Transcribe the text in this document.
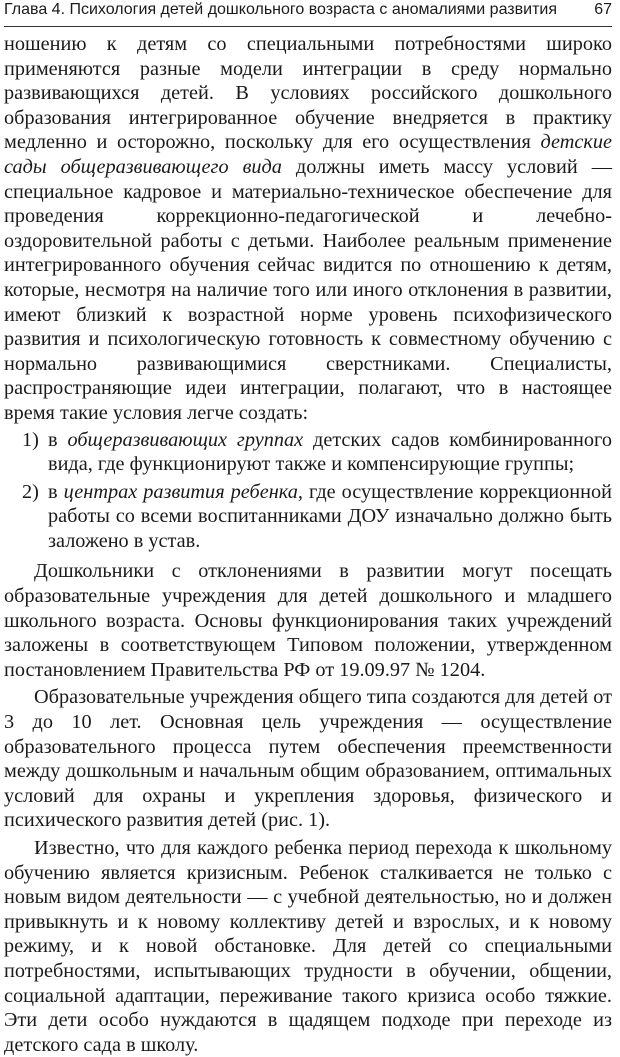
Глава 4. Психология детей дошкольного возраста с аномалиями развития 67

ношению к детям со специальными потребностями широко применяются разные модели интеграции в среду нормально развивающихся детей. В условиях российского дошкольного образования интегрированное обучение внедряется в практику медленно и осторожно, поскольку для его осуществления детские сады общеразвивающего вида должны иметь массу условий — специальное кадровое и материально-техническое обеспечение для проведения коррекционно-педагогической и лечебно-оздоровительной работы с детьми. Наиболее реальным применение интегрированного обучения сейчас видится по отношению к детям, которые, несмотря на наличие того или иного отклонения в развитии, имеют близкий к возрастной норме уровень психофизического развития и психологическую готовность к совместному обучению с нормально развивающимися сверстниками. Специалисты, распространяющие идеи интеграции, полагают, что в настоящее время такие условия легче создать:

1) в общеразвивающих группах детских садов комбинированного вида, где функционируют также и компенсирующие группы;
2) в центрах развития ребенка, где осуществление коррекционной работы со всеми воспитанниками ДОУ изначально должно быть заложено в устав.

Дошкольники с отклонениями в развитии могут посещать образовательные учреждения для детей дошкольного и младшего школьного возраста. Основы функционирования таких учреждений заложены в соответствующем Типовом положении, утвержденном постановлением Правительства РФ от 19.09.97 № 1204.

Образовательные учреждения общего типа создаются для детей от 3 до 10 лет. Основная цель учреждения — осуществление образовательного процесса путем обеспечения преемственности между дошкольным и начальным общим образованием, оптимальных условий для охраны и укрепления здоровья, физического и психического развития детей (рис. 1).

Известно, что для каждого ребенка период перехода к школьному обучению является кризисным. Ребенок сталкивается не только с новым видом деятельности — с учебной деятельностью, но и должен привыкнуть и к новому коллективу детей и взрослых, и к новому режиму, и к новой обстановке. Для детей со специальными потребностями, испытывающих трудности в обучении, общении, социальной адаптации, переживание такого кризиса особо тяжкие. Эти дети особо нуждаются в щадящем подходе при переходе из детского сада в школу.
